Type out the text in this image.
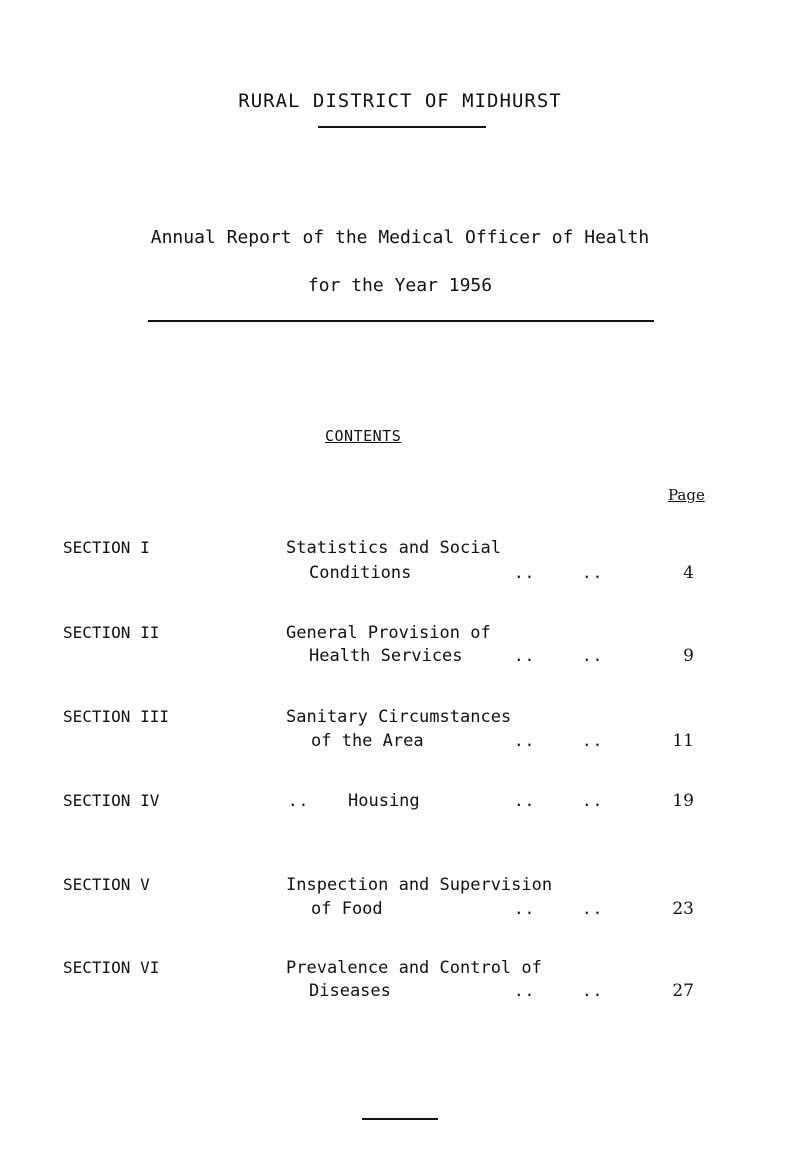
RURAL DISTRICT OF MIDHURST
Annual Report of the Medical Officer of Health
for the Year 1956
CONTENTS
Page
SECTION I	Statistics and Social
Conditions	..	..	4
SECTION II	General Provision of
Health Services	..	..	9
SECTION III	Sanitary Circumstances
of the Area	..	..	11
SECTION IV	.. Housing	..	..	19
SECTION V	Inspection and Supervision
of Food	..	..	23
SECTION VI	Prevalence and Control of
Diseases	..	..	27
